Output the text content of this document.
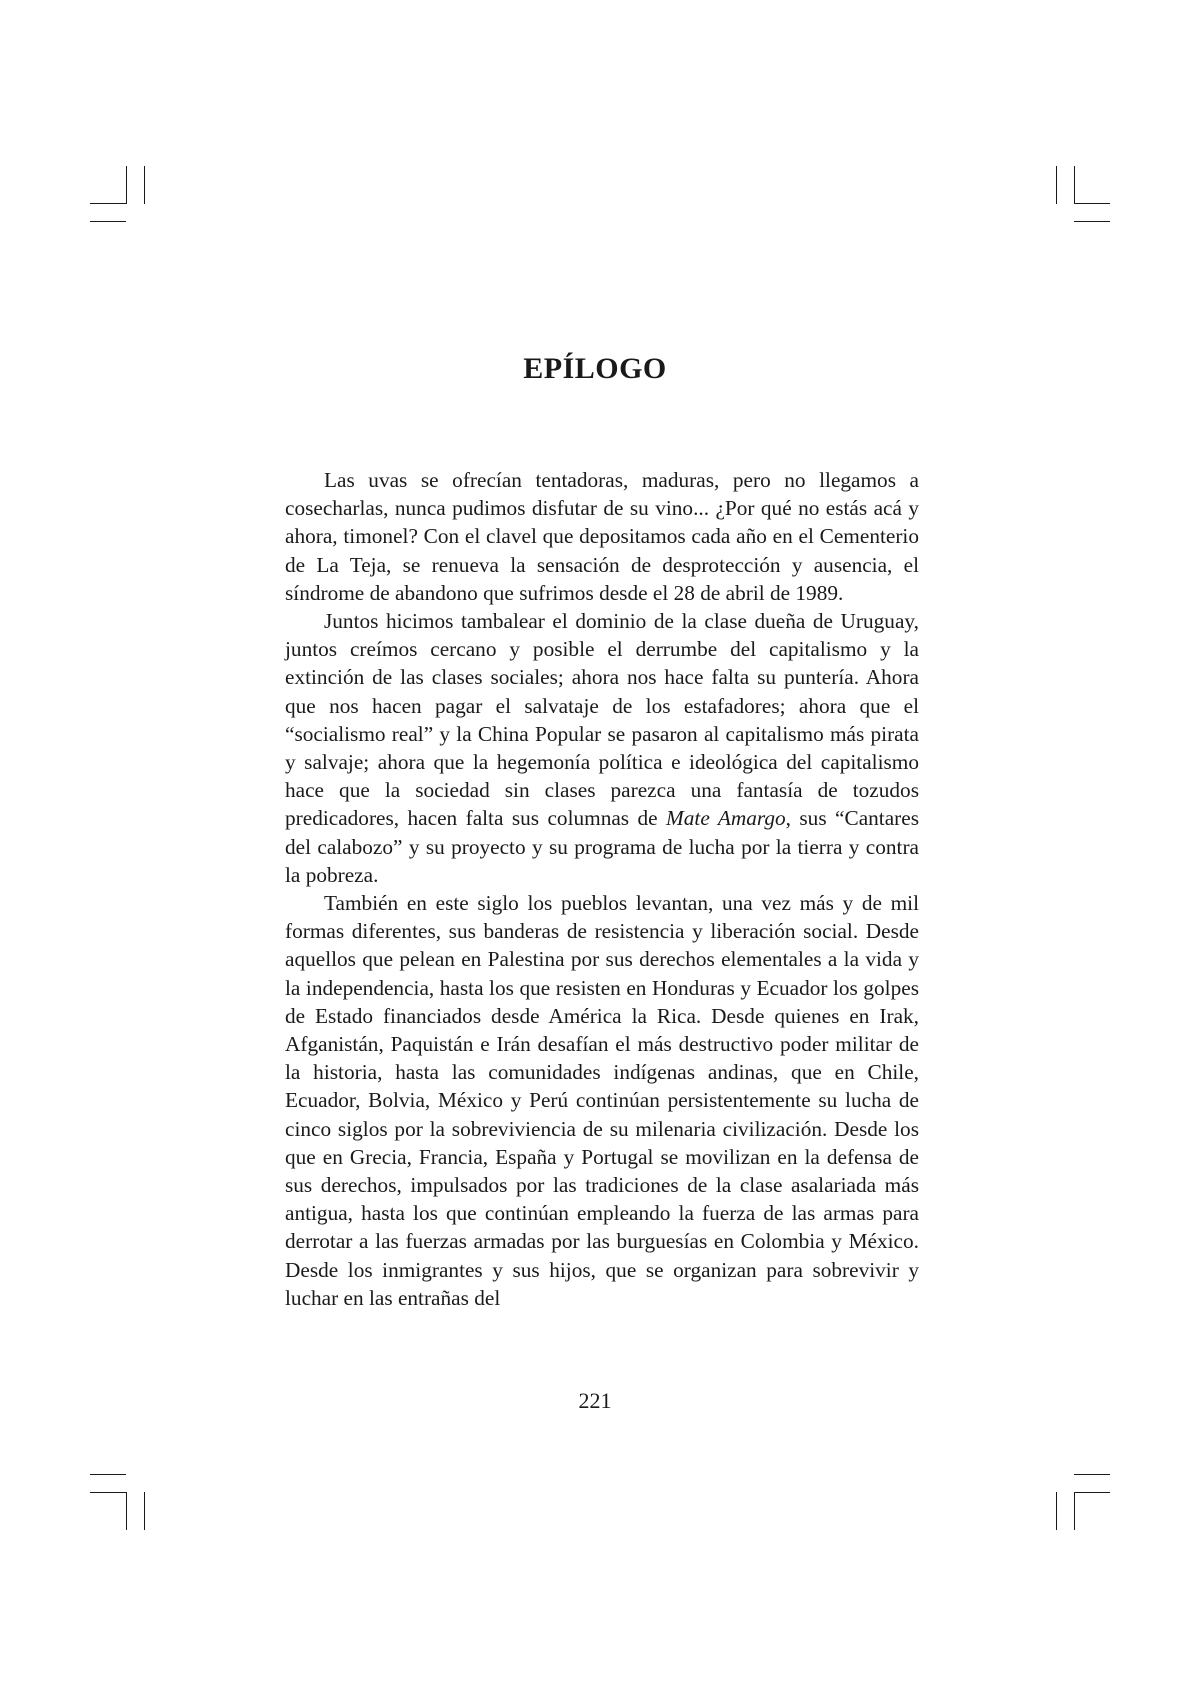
EPÍLOGO

Las uvas se ofrecían tentadoras, maduras, pero no llegamos a cosecharlas, nunca pudimos disfutar de su vino... ¿Por qué no estás acá y ahora, timonel? Con el clavel que depositamos cada año en el Cementerio de La Teja, se renueva la sensación de desprotección y ausencia, el síndrome de abandono que sufrimos desde el 28 de abril de 1989.

Juntos hicimos tambalear el dominio de la clase dueña de Uruguay, juntos creímos cercano y posible el derrumbe del capitalismo y la extinción de las clases sociales; ahora nos hace falta su puntería. Ahora que nos hacen pagar el salvataje de los estafadores; ahora que el “socialismo real” y la China Popular se pasaron al capitalismo más pirata y salvaje; ahora que la hegemonía política e ideológica del capitalismo hace que la sociedad sin clases parezca una fantasía de tozudos predicadores, hacen falta sus columnas de Mate Amargo, sus “Cantares del calabozo” y su proyecto y su programa de lucha por la tierra y contra la pobreza.

También en este siglo los pueblos levantan, una vez más y de mil formas diferentes, sus banderas de resistencia y liberación social. Desde aquellos que pelean en Palestina por sus derechos elementales a la vida y la independencia, hasta los que resisten en Honduras y Ecuador los golpes de Estado financiados desde América la Rica. Desde quienes en Irak, Afganistán, Paquistán e Irán desafían el más destructivo poder militar de la historia, hasta las comunidades indígenas andinas, que en Chile, Ecuador, Bolvia, México y Perú continúan persistentemente su lucha de cinco siglos por la sobreviviencia de su milenaria civilización. Desde los que en Grecia, Francia, España y Portugal se movilizan en la defensa de sus derechos, impulsados por las tradiciones de la clase asalariada más antigua, hasta los que continúan empleando la fuerza de las armas para derrotar a las fuerzas armadas por las burguesías en Colombia y México. Desde los inmigrantes y sus hijos, que se organizan para sobrevivir y luchar en las entrañas del

221
